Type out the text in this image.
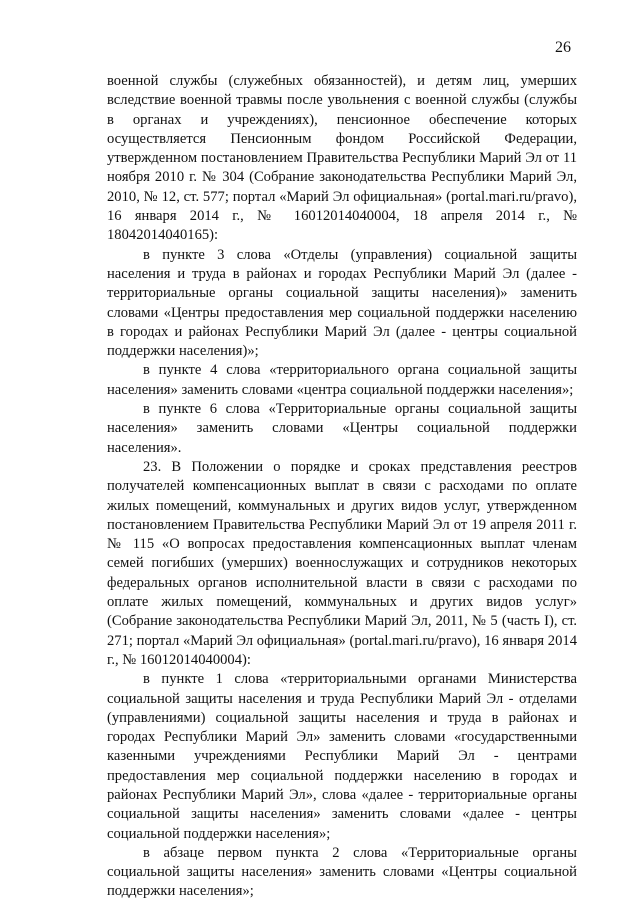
26

военной службы (служебных обязанностей), и детям лиц, умерших вследствие военной травмы после увольнения с военной службы (службы в органах и учреждениях), пенсионное обеспечение которых осуществляется Пенсионным фондом Российской Федерации, утвержденном постановлением Правительства Республики Марий Эл от 11 ноября 2010 г. № 304 (Собрание законодательства Республики Марий Эл, 2010, № 12, ст. 577; портал «Марий Эл официальная» (portal.mari.ru/pravo), 16 января 2014 г., № 16012014040004, 18 апреля 2014 г., № 18042014040165):

в пункте 3 слова «Отделы (управления) социальной защиты населения и труда в районах и городах Республики Марий Эл (далее - территориальные органы социальной защиты населения)» заменить словами «Центры предоставления мер социальной поддержки населению в городах и районах Республики Марий Эл (далее - центры социальной поддержки населения)»;

в пункте 4 слова «территориального органа социальной защиты населения» заменить словами «центра социальной поддержки населения»;

в пункте 6 слова «Территориальные органы социальной защиты населения» заменить словами «Центры социальной поддержки населения».

23. В Положении о порядке и сроках представления реестров получателей компенсационных выплат в связи с расходами по оплате жилых помещений, коммунальных и других видов услуг, утвержденном постановлением Правительства Республики Марий Эл от 19 апреля 2011 г. № 115 «О вопросах предоставления компенсационных выплат членам семей погибших (умерших) военнослужащих и сотрудников некоторых федеральных органов исполнительной власти в связи с расходами по оплате жилых помещений, коммунальных и других видов услуг» (Собрание законодательства Республики Марий Эл, 2011, № 5 (часть I), ст. 271; портал «Марий Эл официальная» (portal.mari.ru/pravo), 16 января 2014 г., № 16012014040004):

в пункте 1 слова «территориальными органами Министерства социальной защиты населения и труда Республики Марий Эл - отделами (управлениями) социальной защиты населения и труда в районах и городах Республики Марий Эл» заменить словами «государственными казенными учреждениями Республики Марий Эл - центрами предоставления мер социальной поддержки населению в городах и районах Республики Марий Эл», слова «далее - территориальные органы социальной защиты населения» заменить словами «далее - центры социальной поддержки населения»;

в абзаце первом пункта 2 слова «Территориальные органы социальной защиты населения» заменить словами «Центры социальной поддержки населения»;
